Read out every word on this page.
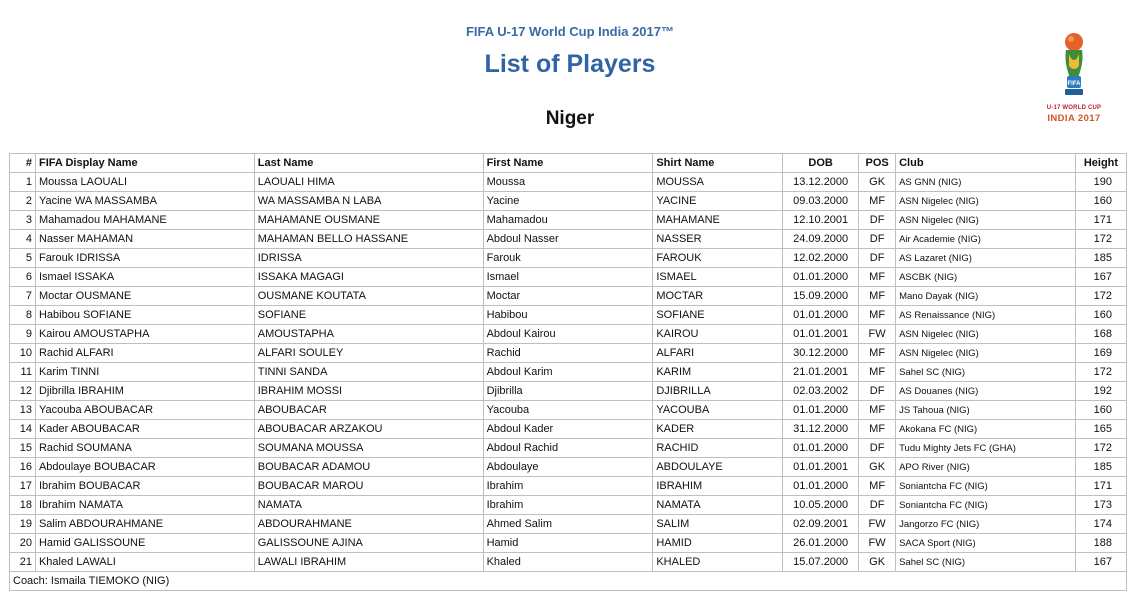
FIFA U-17 World Cup India 2017™
List of Players
Niger
FIFA
U-17 WORLD CUP
INDIA 2017
#	FIFA Display Name	Last Name	First Name	Shirt Name	DOB	POS	Club	Height
1	Moussa LAOUALI	LAOUALI HIMA	Moussa	MOUSSA	13.12.2000	GK	AS GNN (NIG)	190
2	Yacine WA MASSAMBA	WA MASSAMBA N LABA	Yacine	YACINE	09.03.2000	MF	ASN Nigelec (NIG)	160
3	Mahamadou MAHAMANE	MAHAMANE OUSMANE	Mahamadou	MAHAMANE	12.10.2001	DF	ASN Nigelec (NIG)	171
4	Nasser MAHAMAN	MAHAMAN BELLO HASSANE	Abdoul Nasser	NASSER	24.09.2000	DF	Air Academie (NIG)	172
5	Farouk IDRISSA	IDRISSA	Farouk	FAROUK	12.02.2000	DF	AS Lazaret (NIG)	185
6	Ismael ISSAKA	ISSAKA MAGAGI	Ismael	ISMAEL	01.01.2000	MF	ASCBK (NIG)	167
7	Moctar OUSMANE	OUSMANE KOUTATA	Moctar	MOCTAR	15.09.2000	MF	Mano Dayak (NIG)	172
8	Habibou SOFIANE	SOFIANE	Habibou	SOFIANE	01.01.2000	MF	AS Renaissance (NIG)	160
9	Kairou AMOUSTAPHA	AMOUSTAPHA	Abdoul Kairou	KAIROU	01.01.2001	FW	ASN Nigelec (NIG)	168
10	Rachid ALFARI	ALFARI SOULEY	Rachid	ALFARI	30.12.2000	MF	ASN Nigelec (NIG)	169
11	Karim TINNI	TINNI SANDA	Abdoul Karim	KARIM	21.01.2001	MF	Sahel SC (NIG)	172
12	Djibrilla IBRAHIM	IBRAHIM MOSSI	Djibrilla	DJIBRILLA	02.03.2002	DF	AS Douanes (NIG)	192
13	Yacouba ABOUBACAR	ABOUBACAR	Yacouba	YACOUBA	01.01.2000	MF	JS Tahoua (NIG)	160
14	Kader ABOUBACAR	ABOUBACAR ARZAKOU	Abdoul Kader	KADER	31.12.2000	MF	Akokana FC (NIG)	165
15	Rachid SOUMANA	SOUMANA MOUSSA	Abdoul Rachid	RACHID	01.01.2000	DF	Tudu Mighty Jets FC (GHA)	172
16	Abdoulaye BOUBACAR	BOUBACAR ADAMOU	Abdoulaye	ABDOULAYE	01.01.2001	GK	APO River (NIG)	185
17	Ibrahim BOUBACAR	BOUBACAR MAROU	Ibrahim	IBRAHIM	01.01.2000	MF	Soniantcha FC (NIG)	171
18	Ibrahim NAMATA	NAMATA	Ibrahim	NAMATA	10.05.2000	DF	Soniantcha FC (NIG)	173
19	Salim ABDOURAHMANE	ABDOURAHMANE	Ahmed Salim	SALIM	02.09.2001	FW	Jangorzo FC (NIG)	174
20	Hamid GALISSOUNE	GALISSOUNE AJINA	Hamid	HAMID	26.01.2000	FW	SACA Sport (NIG)	188
21	Khaled LAWALI	LAWALI IBRAHIM	Khaled	KHALED	15.07.2000	GK	Sahel SC (NIG)	167
Coach: Ismaila TIEMOKO (NIG)								
